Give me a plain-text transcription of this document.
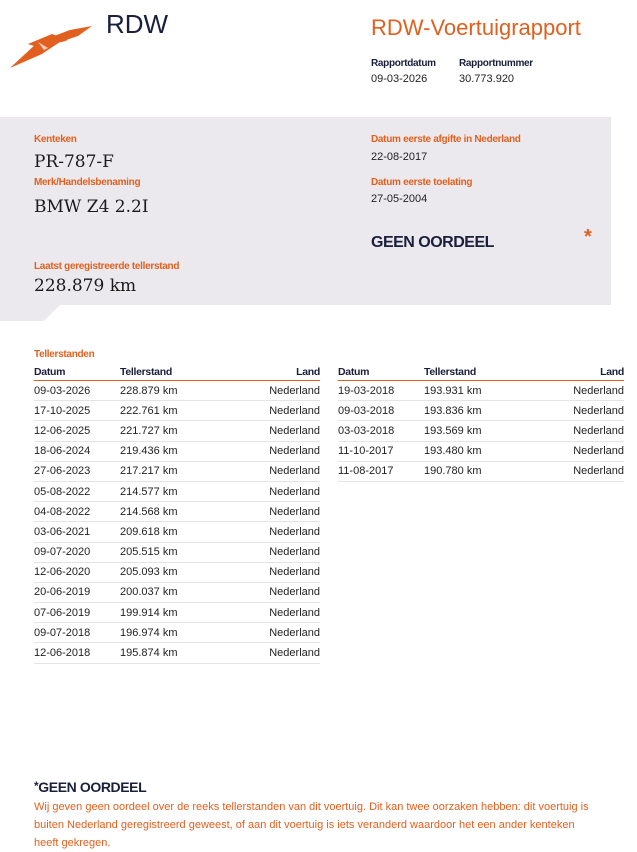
RDW	RDW-Voertuigrapport
Rapportdatum
09-03-2026
Rapportnummer
30.773.920
Kenteken
PR-787-F
Merk/Handelsbenaming
BMW Z4 2.2I
Datum eerste afgifte in Nederland
22-08-2017
Datum eerste toelating
27-05-2004
GEEN OORDEEL	*
Laatst geregistreerde tellerstand
228.879 km
Tellerstanden
Datum	Tellerstand	Land
09-03-2026	228.879 km	Nederland
17-10-2025	222.761 km	Nederland
12-06-2025	221.727 km	Nederland
18-06-2024	219.436 km	Nederland
27-06-2023	217.217 km	Nederland
05-08-2022	214.577 km	Nederland
04-08-2022	214.568 km	Nederland
03-06-2021	209.618 km	Nederland
09-07-2020	205.515 km	Nederland
12-06-2020	205.093 km	Nederland
20-06-2019	200.037 km	Nederland
07-06-2019	199.914 km	Nederland
09-07-2018	196.974 km	Nederland
12-06-2018	195.874 km	Nederland
Datum	Tellerstand	Land
19-03-2018	193.931 km	Nederland
09-03-2018	193.836 km	Nederland
03-03-2018	193.569 km	Nederland
11-10-2017	193.480 km	Nederland
11-08-2017	190.780 km	Nederland
*GEEN OORDEEL
Wij geven geen oordeel over de reeks tellerstanden van dit voertuig. Dit kan twee oorzaken hebben: dit voertuig is buiten Nederland geregistreerd geweest, of aan dit voertuig is iets veranderd waardoor het een ander kenteken heeft gekregen.
